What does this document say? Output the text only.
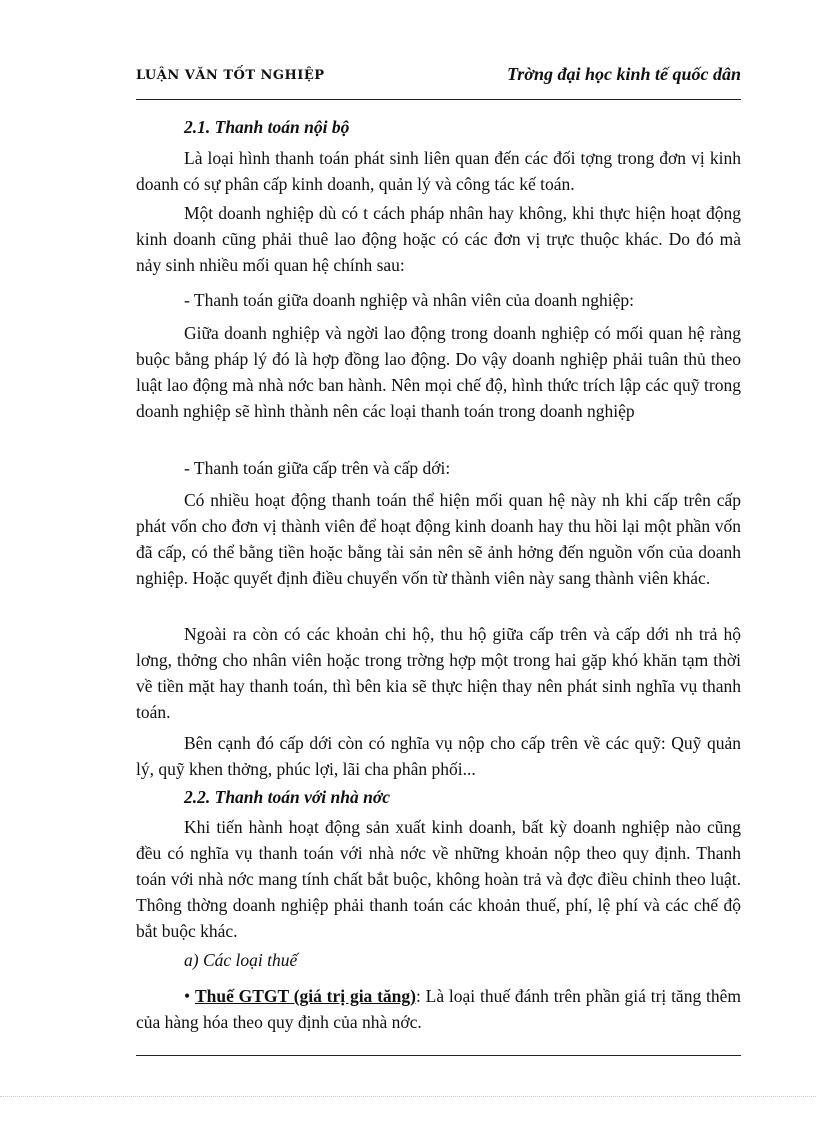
LUẬN VĂN TỐT NGHIỆP	Trờng đại học kinh tế quốc dân
2.1. Thanh toán nội bộ
Là loại hình thanh toán phát sinh liên quan đến các đối tợng trong đơn vị kinh doanh có sự phân cấp kinh doanh, quản lý và công tác kế toán.
Một doanh nghiệp dù có t cách pháp nhân hay không, khi thực hiện hoạt động kinh doanh cũng phải thuê lao động hoặc có các đơn vị trực thuộc khác. Do đó mà nảy sinh nhiều mối quan hệ chính sau:
- Thanh toán giữa doanh nghiệp và nhân viên của doanh nghiệp:
Giữa doanh nghiệp và ngời lao động trong doanh nghiệp có mối quan hệ ràng buộc bằng pháp lý đó là hợp đồng lao động. Do vậy doanh nghiệp phải tuân thủ theo luật lao động mà nhà nớc ban hành. Nên mọi chế độ, hình thức trích lập các quỹ trong doanh nghiệp sẽ hình thành nên các loại thanh toán trong doanh nghiệp
- Thanh toán giữa cấp trên và cấp dới:
Có nhiều hoạt động thanh toán thể hiện mối quan hệ này nh khi cấp trên cấp phát vốn cho đơn vị thành viên để hoạt động kinh doanh hay thu hồi lại một phần vốn đã cấp, có thể bằng tiền hoặc bằng tài sản nên sẽ ảnh hởng đến nguồn vốn của doanh nghiệp. Hoặc quyết định điều chuyển vốn từ thành viên này sang thành viên khác.
Ngoài ra còn có các khoản chi hộ, thu hộ giữa cấp trên và cấp dới nh trả hộ lơng, thởng cho nhân viên hoặc trong trờng hợp một trong hai gặp khó khăn tạm thời về tiền mặt hay thanh toán, thì bên kia sẽ thực hiện thay nên phát sinh nghĩa vụ thanh toán.
Bên cạnh đó cấp dới còn có nghĩa vụ nộp cho cấp trên về các quỹ: Quỹ quản lý, quỹ khen thởng, phúc lợi, lãi cha phân phối...
2.2. Thanh toán với nhà nớc
Khi tiến hành hoạt động sản xuất kinh doanh, bất kỳ doanh nghiệp nào cũng đều có nghĩa vụ thanh toán với nhà nớc về những khoản nộp theo quy định. Thanh toán với nhà nớc mang tính chất bắt buộc, không hoàn trả và đợc điều chỉnh theo luật. Thông thờng doanh nghiệp phải thanh toán các khoản thuế, phí, lệ phí và các chế độ bắt buộc khác.
a) Các loại thuế
• Thuế GTGT (giá trị gia tăng): Là loại thuế đánh trên phần giá trị tăng thêm của hàng hóa theo quy định của nhà nớc.
